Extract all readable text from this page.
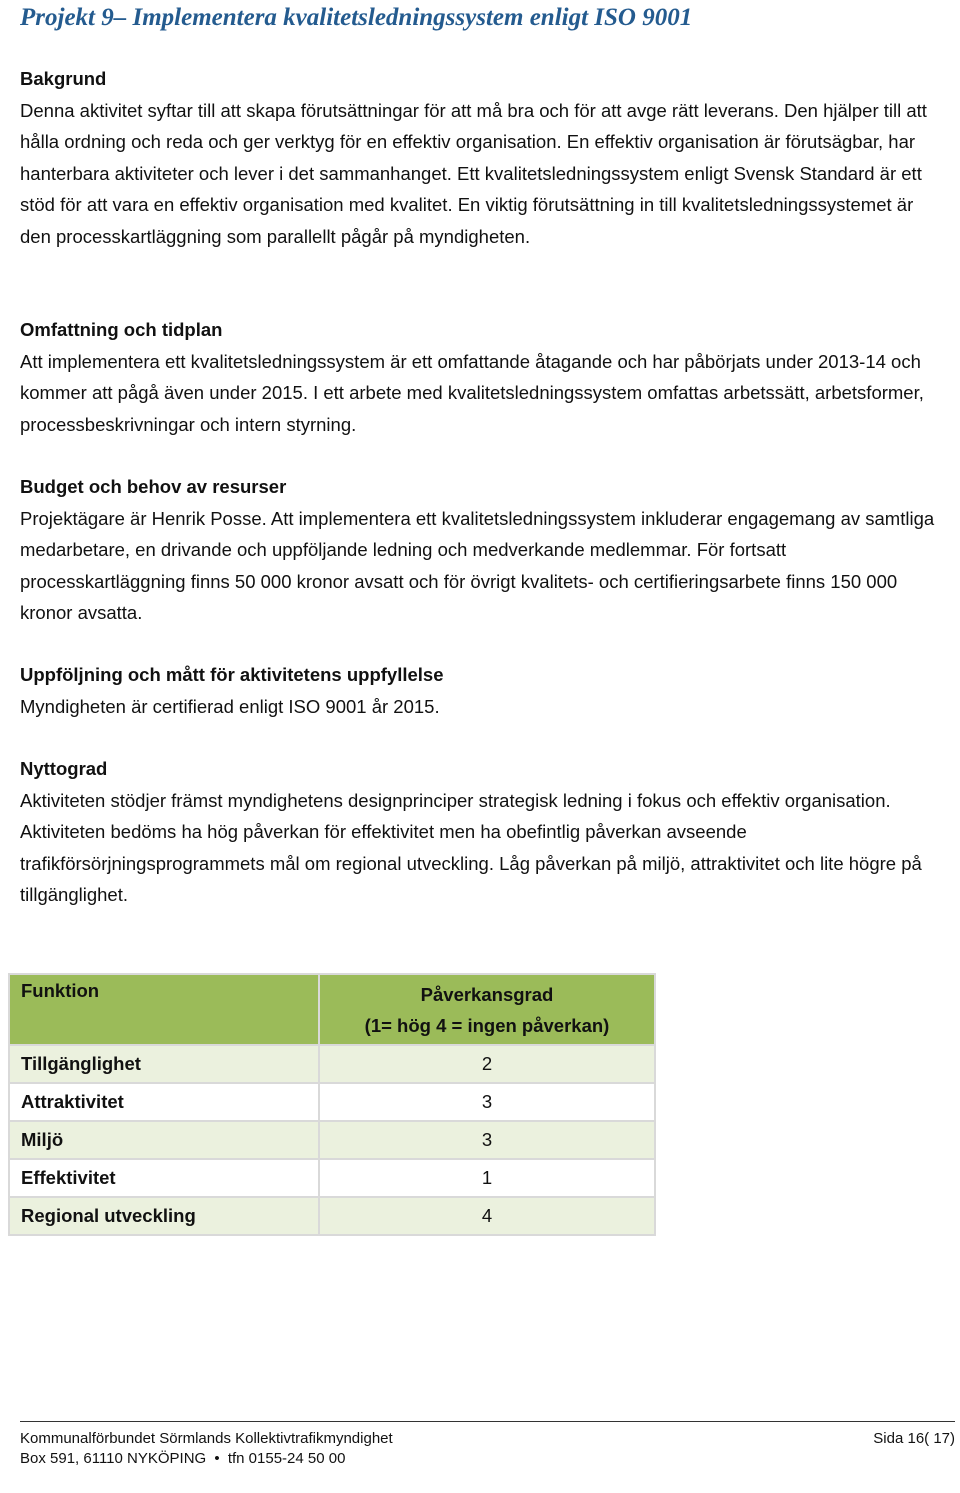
Projekt 9– Implementera kvalitetsledningssystem enligt ISO 9001
Bakgrund
Denna aktivitet syftar till att skapa förutsättningar för att må bra och för att avge rätt leverans. Den hjälper till att hålla ordning och reda och ger verktyg för en effektiv organisation. En effektiv organisation är förutsägbar, har hanterbara aktiviteter och lever i det sammanhanget. Ett kvalitetsledningssystem enligt Svensk Standard är ett stöd för att vara en effektiv organisation med kvalitet. En viktig förutsättning in till kvalitetsledningssystemet är den processkartläggning som parallellt pågår på myndigheten.
Omfattning och tidplan
Att implementera ett kvalitetsledningssystem är ett omfattande åtagande och har påbörjats under 2013-14 och kommer att pågå även under 2015. I ett arbete med kvalitetsledningssystem omfattas arbetssätt, arbetsformer, processbeskrivningar och intern styrning.
Budget och behov av resurser
Projektägare är Henrik Posse. Att implementera ett kvalitetsledningssystem inkluderar engagemang av samtliga medarbetare, en drivande och uppföljande ledning och medverkande medlemmar. För fortsatt processkartläggning finns 50 000 kronor avsatt och för övrigt kvalitets- och certifieringsarbete finns 150 000 kronor avsatta.
Uppföljning och mått för aktivitetens uppfyllelse
Myndigheten är certifierad enligt ISO 9001 år 2015.
Nyttograd
Aktiviteten stödjer främst myndighetens designprinciper strategisk ledning i fokus och effektiv organisation. Aktiviteten bedöms ha hög påverkan för effektivitet men ha obefintlig påverkan avseende trafikförsörjningsprogrammets mål om regional utveckling. Låg påverkan på miljö, attraktivitet och lite högre på tillgänglighet.
Funktion	Påverkansgrad
(1= hög 4 = ingen påverkan)
Tillgänglighet	2
Attraktivitet	3
Miljö	3
Effektivitet	1
Regional utveckling	4
Kommunalförbundet Sörmlands Kollektivtrafikmyndighet	Sida 16( 17)
Box 591, 61110 NYKÖPING • tfn 0155-24 50 00
